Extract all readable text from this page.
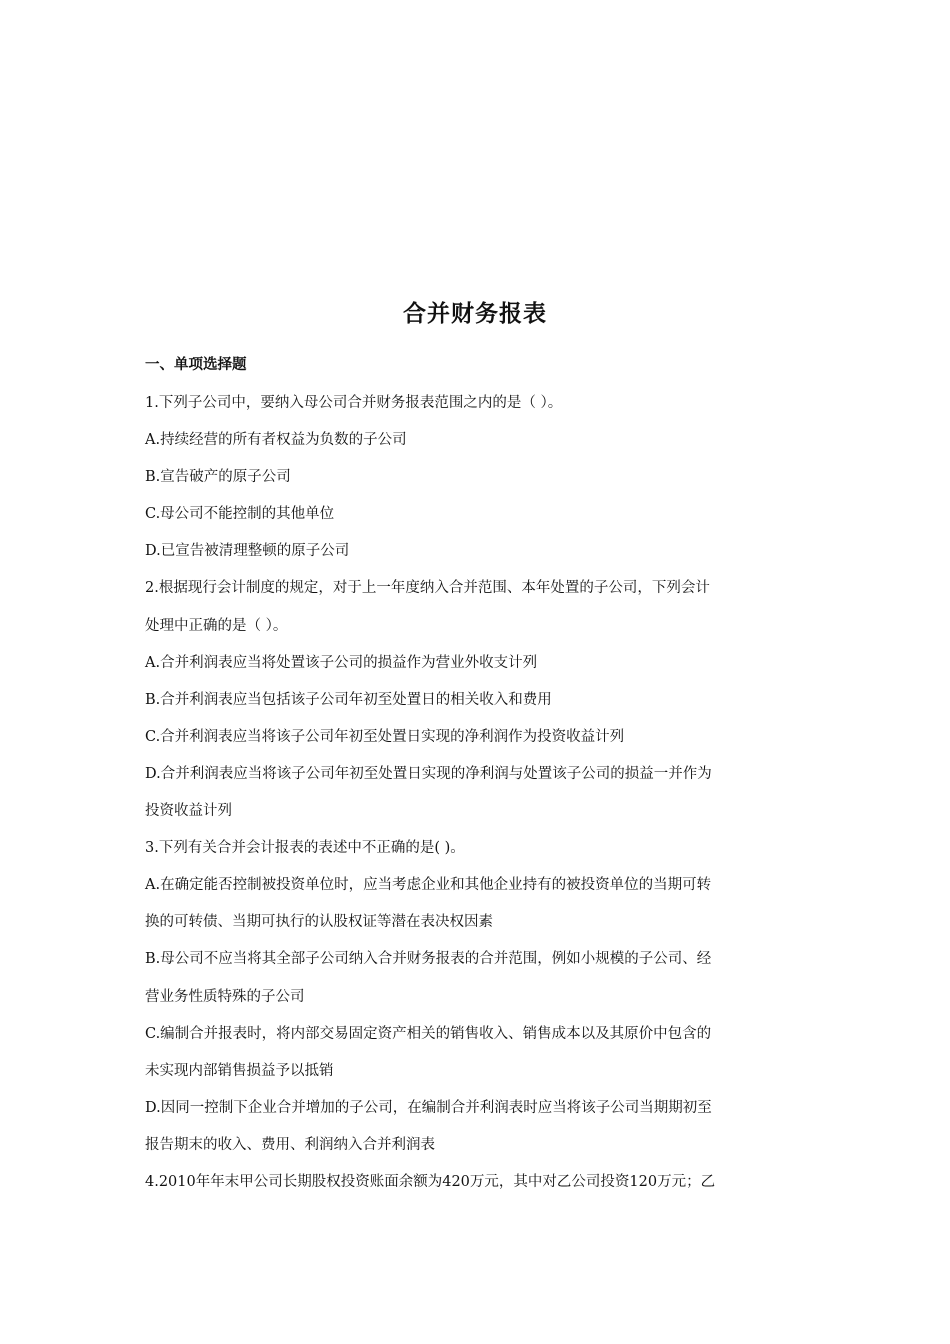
合并财务报表
一、单项选择题
1.下列子公司中，要纳入母公司合并财务报表范围之内的是（ ）。
A.持续经营的所有者权益为负数的子公司
B.宣告破产的原子公司
C.母公司不能控制的其他单位
D.已宣告被清理整顿的原子公司
2.根据现行会计制度的规定，对于上一年度纳入合并范围、本年处置的子公司，下列会计
处理中正确的是（ ）。
A.合并利润表应当将处置该子公司的损益作为营业外收支计列
B.合并利润表应当包括该子公司年初至处置日的相关收入和费用
C.合并利润表应当将该子公司年初至处置日实现的净利润作为投资收益计列
D.合并利润表应当将该子公司年初至处置日实现的净利润与处置该子公司的损益一并作为
投资收益计列
3.下列有关合并会计报表的表述中不正确的是( )。
A.在确定能否控制被投资单位时，应当考虑企业和其他企业持有的被投资单位的当期可转
换的可转债、当期可执行的认股权证等潜在表决权因素
B.母公司不应当将其全部子公司纳入合并财务报表的合并范围，例如小规模的子公司、经
营业务性质特殊的子公司
C.编制合并报表时，将内部交易固定资产相关的销售收入、销售成本以及其原价中包含的
未实现内部销售损益予以抵销
D.因同一控制下企业合并增加的子公司，在编制合并利润表时应当将该子公司当期期初至
报告期末的收入、费用、利润纳入合并利润表
4.2010年年末甲公司长期股权投资账面余额为420万元，其中对乙公司投资120万元；乙
